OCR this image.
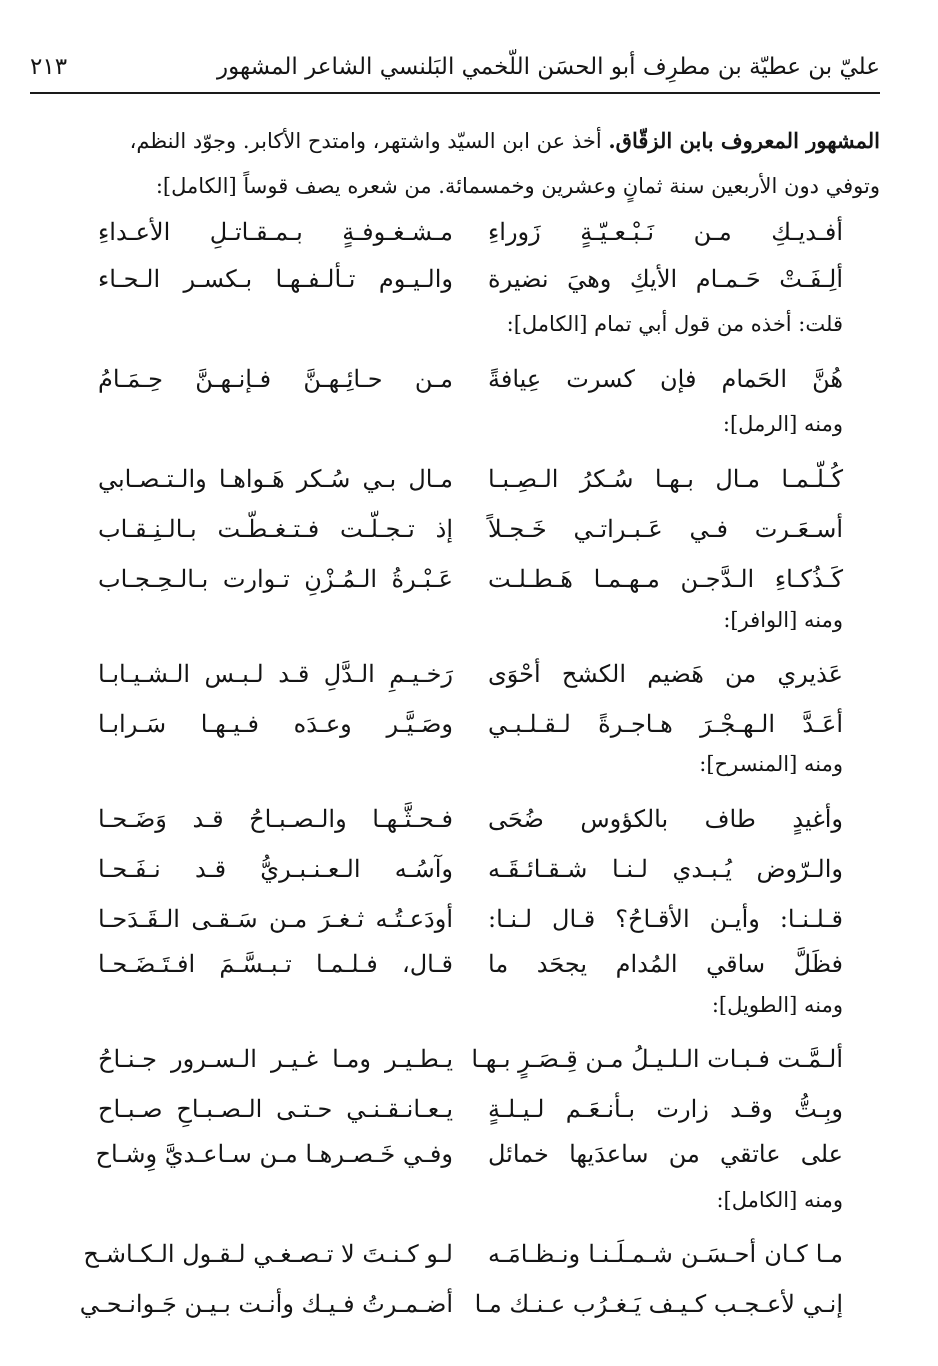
عليّ بن عطيّة بن مطرِف أبو الحسَن اللّخمي البَلنسي الشاعر المشهور
٢١٣
المشهور المعروف بابن الزقّاق. أخذ عن ابن السيّد واشتهر، وامتدح الأكابر. وجوّد النظم،
وتوفي دون الأربعين سنة ثمانٍ وعشرين وخمسمائة. من شعره يصف قوساً [الكامل]:
أفـديـكِ مـن نَـبْـعـيّـةٍ زَوراءِ
مـشـغـوفـةٍ بـمـقـاتـلِ الأعـداءِ
ألِـفَـتْ حَـمـام الأيكِ وهيَ نضيرة
والـيـوم تـألـفـهـا بـكسـر الـحـاء
قلت: أخذه من قول أبي تمام [الكامل]:
هُنَّ الحَمام فإن كسرت عِيافةً
مـن حـائِـهـنَّ فـإنـهـنَّ حِـمَـامُ
ومنه [الرمل]:
كُـلّـمـا مـال بـهـا سُـكرُ الـصِـبـا
مـال بـي سُـكر هَـواهـا والـتـصـابي
أسـعَـرت فـي عَـبـراتـي خَـجـلاً
إذ تـجـلّـت فـتـغـطّـت بـالـنِـقـاب
كَـذُكـاءِ الـدَّجـن مـهـمـا هَـطـلـت
عَـبْـرةُ الـمُـزْنِ تـوارت بـالـحِـجـاب
ومنه [الوافر]:
عَذيري من هَضيم الكشح أحْوَى
رَخـيـمِ الـدَّلِ قـد لـبـس الـشـيـابـا
أعَـدَّ الـهـجْـرَ هـاجـرةً لـقـلـبـي
وصَـيَّـر وعـدَه فـيـهـا سَـرابـا
ومنه [المنسرح]:
وأغيدٍ طاف بالكؤوس ضُحَى
فـحـثَّـهـا والـصـبـاحُ قـد وَضَـحـا
والـرّوض يُـبـدي لـنـا شـقـائـقَـه
وآسُـه الـعـنـبـريُّ قـد نـفَـحـا
قـلـنـا: وأيـن الأقـاحُ؟ قـال لـنـا:
أودَعـتُـه ثـغـرَ مـن سَـقـى الـقَـدَحـا
فظَلَّ ساقي المُدام يجحَد ما
قـال، فـلـمـا تـبـسَّـمَ افـتَـضَـحـا
ومنه [الطويل]:
ألـمَّـت فـبـات الـلـيـلُ مـن قِـصَـرٍ بـهـا
يـطـيـر ومـا غـيـر الـسـرور جـنـاحُ
وبِـتُّ وقـد زارت بـأنـعَـم لـيـلـةٍ
يـعـانـقـنـي حـتـى الـصـبـاحِ صـبـاح
على عاتقي من ساعدَيها خمائل
وفـي خَـصـرهـا مـن سـاعـديَّ وِشـاح
ومنه [الكامل]:
مـا كـان أحـسَـن شـمـلَـنـا ونـظـامَـه
لـو كـنـتَ لا تـصـغـي لـقـول الـكـاشـح
إنـي لأعـجـب كـيـف يَـغـرُب عـنـك مـا
أضـمـرتُ فـيـك وأنـت بـيـن جَـوانـحـي
